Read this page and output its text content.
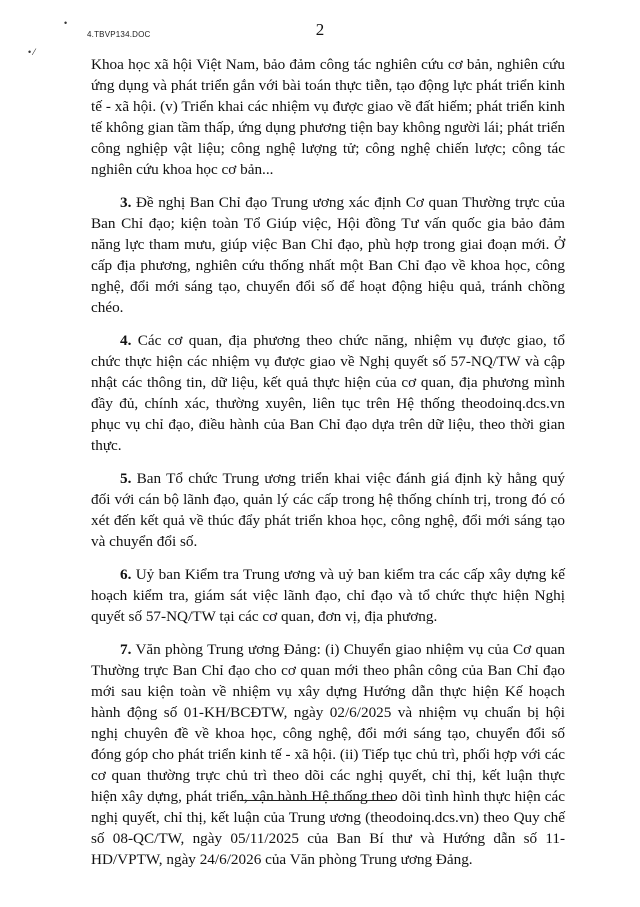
•
• ⁄
4.TBVP134.DOC	2

Khoa học xã hội Việt Nam, bảo đảm công tác nghiên cứu cơ bản, nghiên cứu ứng dụng và phát triển gắn với bài toán thực tiễn, tạo động lực phát triển kinh tế - xã hội. (v) Triển khai các nhiệm vụ được giao về đất hiếm; phát triển kinh tế không gian tầm thấp, ứng dụng phương tiện bay không người lái; phát triển công nghiệp vật liệu; công nghệ lượng tử; công nghệ chiến lược; công tác nghiên cứu khoa học cơ bản...

3. Đề nghị Ban Chỉ đạo Trung ương xác định Cơ quan Thường trực của Ban Chỉ đạo; kiện toàn Tổ Giúp việc, Hội đồng Tư vấn quốc gia bảo đảm năng lực tham mưu, giúp việc Ban Chỉ đạo, phù hợp trong giai đoạn mới. Ở cấp địa phương, nghiên cứu thống nhất một Ban Chỉ đạo về khoa học, công nghệ, đổi mới sáng tạo, chuyển đổi số để hoạt động hiệu quả, tránh chồng chéo.

4. Các cơ quan, địa phương theo chức năng, nhiệm vụ được giao, tổ chức thực hiện các nhiệm vụ được giao về Nghị quyết số 57-NQ/TW và cập nhật các thông tin, dữ liệu, kết quả thực hiện của cơ quan, địa phương mình đầy đủ, chính xác, thường xuyên, liên tục trên Hệ thống theodoinq.dcs.vn phục vụ chỉ đạo, điều hành của Ban Chỉ đạo dựa trên dữ liệu, theo thời gian thực.

5. Ban Tổ chức Trung ương triển khai việc đánh giá định kỳ hằng quý đối với cán bộ lãnh đạo, quản lý các cấp trong hệ thống chính trị, trong đó có xét đến kết quả về thúc đẩy phát triển khoa học, công nghệ, đổi mới sáng tạo và chuyển đổi số.

6. Uỷ ban Kiểm tra Trung ương và uỷ ban kiểm tra các cấp xây dựng kế hoạch kiểm tra, giám sát việc lãnh đạo, chỉ đạo và tổ chức thực hiện Nghị quyết số 57-NQ/TW tại các cơ quan, đơn vị, địa phương.

7. Văn phòng Trung ương Đảng: (i) Chuyển giao nhiệm vụ của Cơ quan Thường trực Ban Chỉ đạo cho cơ quan mới theo phân công của Ban Chỉ đạo mới sau kiện toàn về nhiệm vụ xây dựng Hướng dẫn thực hiện Kế hoạch hành động số 01-KH/BCĐTW, ngày 02/6/2025 và nhiệm vụ chuẩn bị hội nghị chuyên đề về khoa học, công nghệ, đổi mới sáng tạo, chuyển đổi số đóng góp cho phát triển kinh tế - xã hội. (ii) Tiếp tục chủ trì, phối hợp với các cơ quan thường trực chủ trì theo dõi các nghị quyết, chỉ thị, kết luận thực hiện xây dựng, phát triển, vận hành Hệ thống theo dõi tình hình thực hiện các nghị quyết, chỉ thị, kết luận của Trung ương (theodoinq.dcs.vn) theo Quy chế số 08-QC/TW, ngày 05/11/2025 của Ban Bí thư và Hướng dẫn số 11-HD/VPTW, ngày 24/6/2026 của Văn phòng Trung ương Đảng.
